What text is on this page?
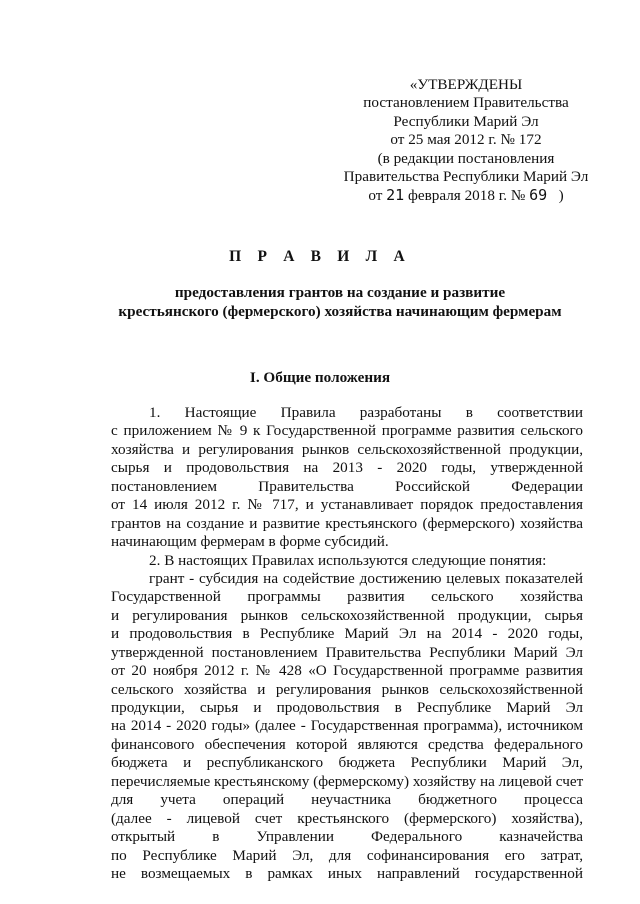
«УТВЕРЖДЕНЫ
постановлением Правительства
Республики Марий Эл
от 25 мая 2012 г. № 172
(в редакции постановления
Правительства Республики Марий Эл
от 21 февраля 2018 г. № 69 )
П Р А В И Л А
предоставления грантов на создание и развитие
крестьянского (фермерского) хозяйства начинающим фермерам
I. Общие положения
1. Настоящие Правила разработаны в соответствии
с приложением № 9 к Государственной программе развития сельского
хозяйства и регулирования рынков сельскохозяйственной продукции,
сырья и продовольствия на 2013 - 2020 годы, утвержденной
постановлением Правительства Российской Федерации
от 14 июля 2012 г. № 717, и устанавливает порядок предоставления
грантов на создание и развитие крестьянского (фермерского) хозяйства
начинающим фермерам в форме субсидий.
2. В настоящих Правилах используются следующие понятия:
грант - субсидия на содействие достижению целевых показателей
Государственной программы развития сельского хозяйства
и регулирования рынков сельскохозяйственной продукции, сырья
и продовольствия в Республике Марий Эл на 2014 - 2020 годы,
утвержденной постановлением Правительства Республики Марий Эл
от 20 ноября 2012 г. № 428 «О Государственной программе развития
сельского хозяйства и регулирования рынков сельскохозяйственной
продукции, сырья и продовольствия в Республике Марий Эл
на 2014 - 2020 годы» (далее - Государственная программа), источником
финансового обеспечения которой являются средства федерального
бюджета и республиканского бюджета Республики Марий Эл,
перечисляемые крестьянскому (фермерскому) хозяйству на лицевой счет
для учета операций неучастника бюджетного процесса
(далее - лицевой счет крестьянского (фермерского) хозяйства),
открытый в Управлении Федерального казначейства
по Республике Марий Эл, для софинансирования его затрат,
не возмещаемых в рамках иных направлений государственной
